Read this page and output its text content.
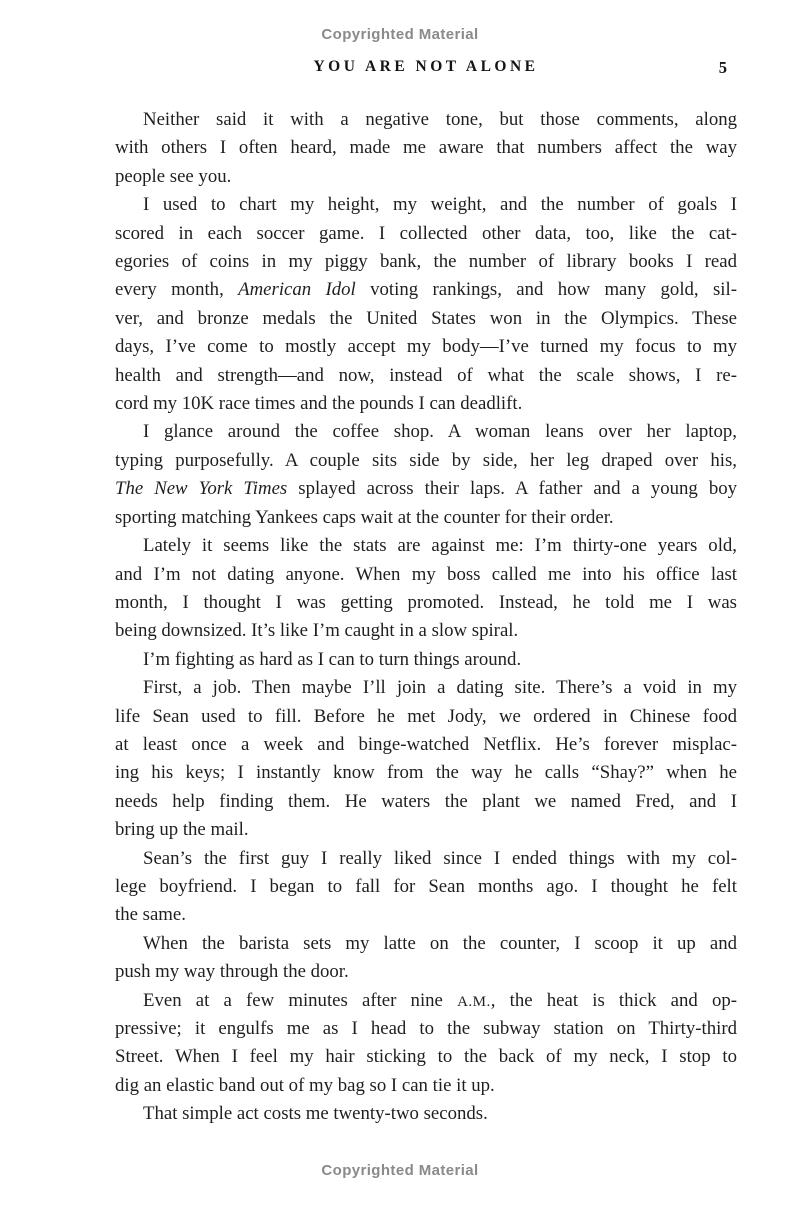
Copyrighted Material
YOU ARE NOT ALONE	5
Neither said it with a negative tone, but those comments, along
with others I often heard, made me aware that numbers affect the way
people see you.
I used to chart my height, my weight, and the number of goals I
scored in each soccer game. I collected other data, too, like the cat-
egories of coins in my piggy bank, the number of library books I read
every month, American Idol voting rankings, and how many gold, sil-
ver, and bronze medals the United States won in the Olympics. These
days, I’ve come to mostly accept my body—I’ve turned my focus to my
health and strength—and now, instead of what the scale shows, I re-
cord my 10K race times and the pounds I can deadlift.
I glance around the coffee shop. A woman leans over her laptop,
typing purposefully. A couple sits side by side, her leg draped over his,
The New York Times splayed across their laps. A father and a young boy
sporting matching Yankees caps wait at the counter for their order.
Lately it seems like the stats are against me: I’m thirty-one years old,
and I’m not dating anyone. When my boss called me into his office last
month, I thought I was getting promoted. Instead, he told me I was
being downsized. It’s like I’m caught in a slow spiral.
I’m fighting as hard as I can to turn things around.
First, a job. Then maybe I’ll join a dating site. There’s a void in my
life Sean used to fill. Before he met Jody, we ordered in Chinese food
at least once a week and binge-watched Netflix. He’s forever misplac-
ing his keys; I instantly know from the way he calls “Shay?” when he
needs help finding them. He waters the plant we named Fred, and I
bring up the mail.
Sean’s the first guy I really liked since I ended things with my col-
lege boyfriend. I began to fall for Sean months ago. I thought he felt
the same.
When the barista sets my latte on the counter, I scoop it up and
push my way through the door.
Even at a few minutes after nine A.M., the heat is thick and op-
pressive; it engulfs me as I head to the subway station on Thirty-third
Street. When I feel my hair sticking to the back of my neck, I stop to
dig an elastic band out of my bag so I can tie it up.
That simple act costs me twenty-two seconds.
Copyrighted Material
